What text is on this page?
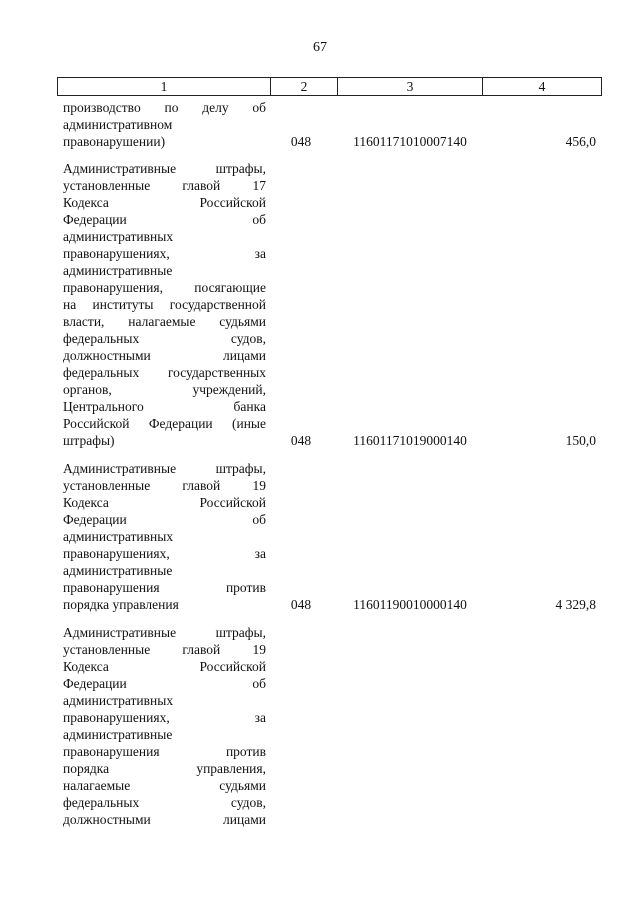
67
1	2	3	4
производство по делу об
административном
правонарушении)	048	11601171010007140	456,0
Административные штрафы,
установленные главой 17
Кодекса Российской
Федерации об
административных
правонарушениях, за
административные
правонарушения, посягающие
на институты государственной
власти, налагаемые судьями
федеральных судов,
должностными лицами
федеральных государственных
органов, учреждений,
Центрального банка
Российской Федерации (иные
штрафы)	048	11601171019000140	150,0
Административные штрафы,
установленные главой 19
Кодекса Российской
Федерации об
административных
правонарушениях, за
административные
правонарушения против
порядка управления	048	11601190010000140	4 329,8
Административные штрафы,
установленные главой 19
Кодекса Российской
Федерации об
административных
правонарушениях, за
административные
правонарушения против
порядка управления,
налагаемые судьями
федеральных судов,
должностными лицами
